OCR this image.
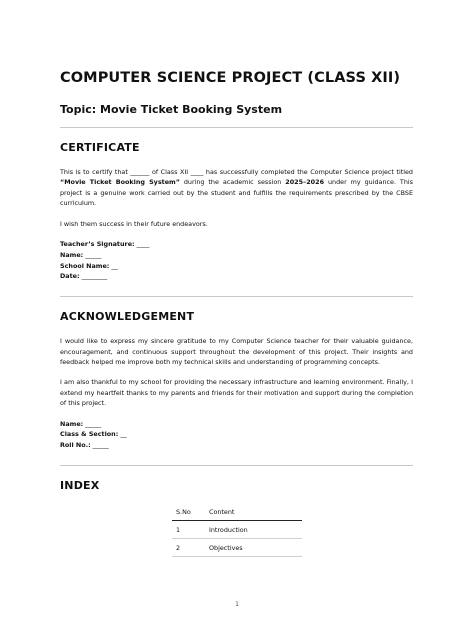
COMPUTER SCIENCE PROJECT (CLASS XII)
Topic: Movie Ticket Booking System
CERTIFICATE

This is to certify that ______ of Class XII ____ has successfully completed the Computer Science project titled “Movie Ticket Booking System” during the academic session 2025–2026 under my guidance. This project is a genuine work carried out by the student and fulfills the requirements prescribed by the CBSE curriculum.

I wish them success in their future endeavors.

Teacher’s Signature: ____
Name: _____
School Name: __
Date: ________
ACKNOWLEDGEMENT

I would like to express my sincere gratitude to my Computer Science teacher for their valuable guidance, encouragement, and continuous support throughout the development of this project. Their insights and feedback helped me improve both my technical skills and understanding of programming concepts.

I am also thankful to my school for providing the necessary infrastructure and learning environment. Finally, I extend my heartfelt thanks to my parents and friends for their motivation and support during the completion of this project.

Name: _____
Class & Section: __
Roll No.: _____
INDEX
S.No	Content
1	Introduction
2	Objectives
1
